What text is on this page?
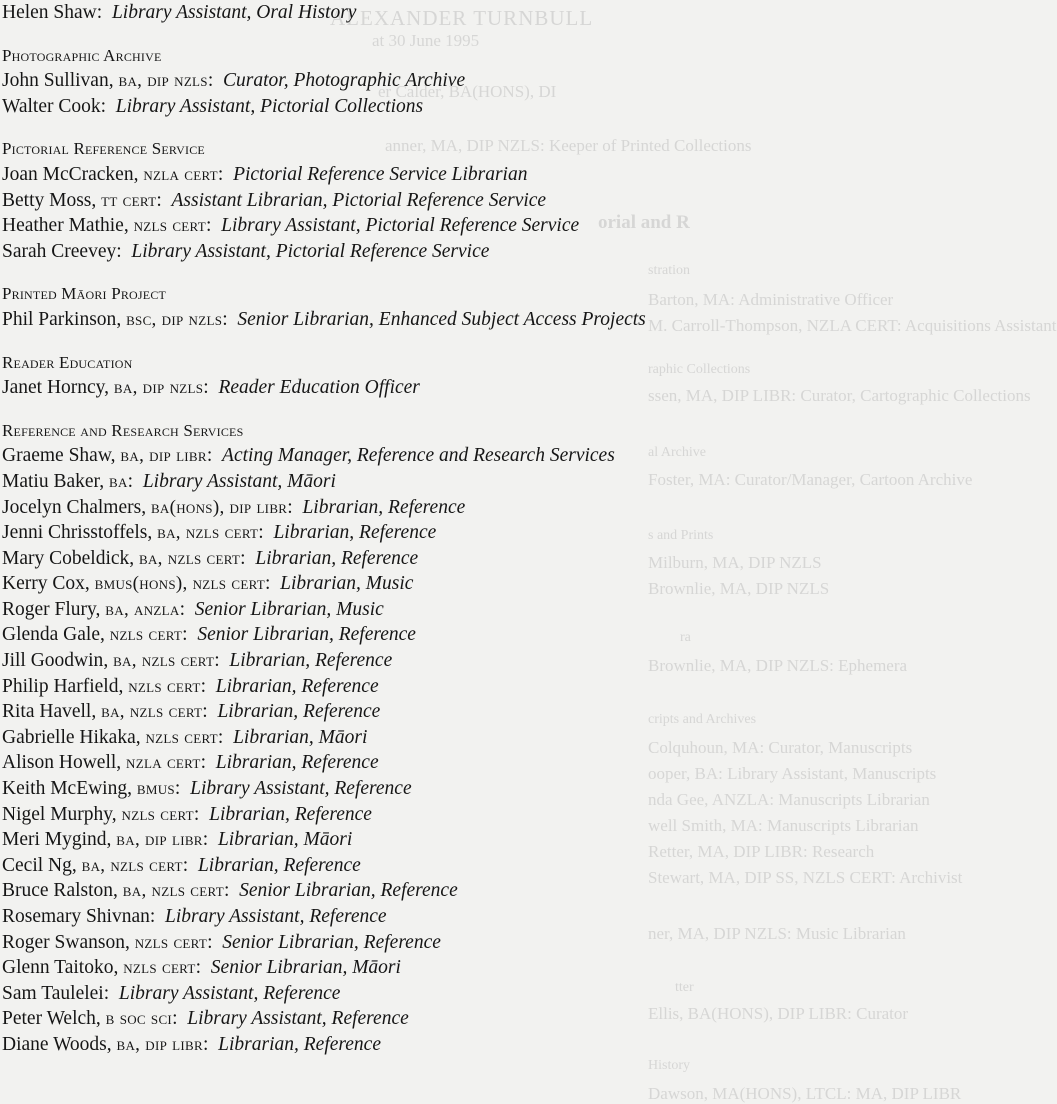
ALEXANDER TURNBULL
at 30 June 1995
er Calder, BA(HONS), DI
anner, MA, DIP NZLS: Keeper of Printed Collections
orial and R
stration
Barton, MA: Administrative Officer
M. Carroll-Thompson, NZLA CERT: Acquisitions Assistant
raphic Collections
ssen, MA, DIP LIBR: Curator, Cartographic Collections
al Archive
Foster, MA: Curator/Manager, Cartoon Archive
s and Prints
Milburn, MA, DIP NZLS
Brownlie, MA, DIP NZLS
ra
Brownlie, MA, DIP NZLS: Ephemera
cripts and Archives
Colquhoun, MA: Curator, Manuscripts
ooper, BA: Library Assistant, Manuscripts
nda Gee, ANZLA: Manuscripts Librarian
well Smith, MA: Manuscripts Librarian
Retter, MA, DIP LIBR: Research
Stewart, MA, DIP SS, NZLS CERT: Archivist
ner, MA, DIP NZLS: Music Librarian
tter
Ellis, BA(HONS), DIP LIBR: Curator
History
Dawson, MA(HONS), LTCL: MA, DIP LIBR
Helen Shaw:  Library Assistant, Oral History
Photographic Archive
John Sullivan, ba, dip nzls:  Curator, Photographic Archive
Walter Cook:  Library Assistant, Pictorial Collections
Pictorial Reference Service
Joan McCracken, nzla cert:  Pictorial Reference Service Librarian
Betty Moss, tt cert:  Assistant Librarian, Pictorial Reference Service
Heather Mathie, nzls cert:  Library Assistant, Pictorial Reference Service
Sarah Creevey:  Library Assistant, Pictorial Reference Service
Printed Māori Project
Phil Parkinson, bsc, dip nzls:  Senior Librarian, Enhanced Subject Access Projects
Reader Education
Janet Horncy, ba, dip nzls:  Reader Education Officer
Reference and Research Services
Graeme Shaw, ba, dip libr:  Acting Manager, Reference and Research Services
Matiu Baker, ba:  Library Assistant, Māori
Jocelyn Chalmers, ba(hons), dip libr:  Librarian, Reference
Jenni Chrisstoffels, ba, nzls cert:  Librarian, Reference
Mary Cobeldick, ba, nzls cert:  Librarian, Reference
Kerry Cox, bmus(hons), nzls cert:  Librarian, Music
Roger Flury, ba, anzla:  Senior Librarian, Music
Glenda Gale, nzls cert:  Senior Librarian, Reference
Jill Goodwin, ba, nzls cert:  Librarian, Reference
Philip Harfield, nzls cert:  Librarian, Reference
Rita Havell, ba, nzls cert:  Librarian, Reference
Gabrielle Hikaka, nzls cert:  Librarian, Māori
Alison Howell, nzla cert:  Librarian, Reference
Keith McEwing, bmus:  Library Assistant, Reference
Nigel Murphy, nzls cert:  Librarian, Reference
Meri Mygind, ba, dip libr:  Librarian, Māori
Cecil Ng, ba, nzls cert:  Librarian, Reference
Bruce Ralston, ba, nzls cert:  Senior Librarian, Reference
Rosemary Shivnan:  Library Assistant, Reference
Roger Swanson, nzls cert:  Senior Librarian, Reference
Glenn Taitoko, nzls cert:  Senior Librarian, Māori
Sam Taulelei:  Library Assistant, Reference
Peter Welch, b soc sci:  Library Assistant, Reference
Diane Woods, ba, dip libr:  Librarian, Reference
